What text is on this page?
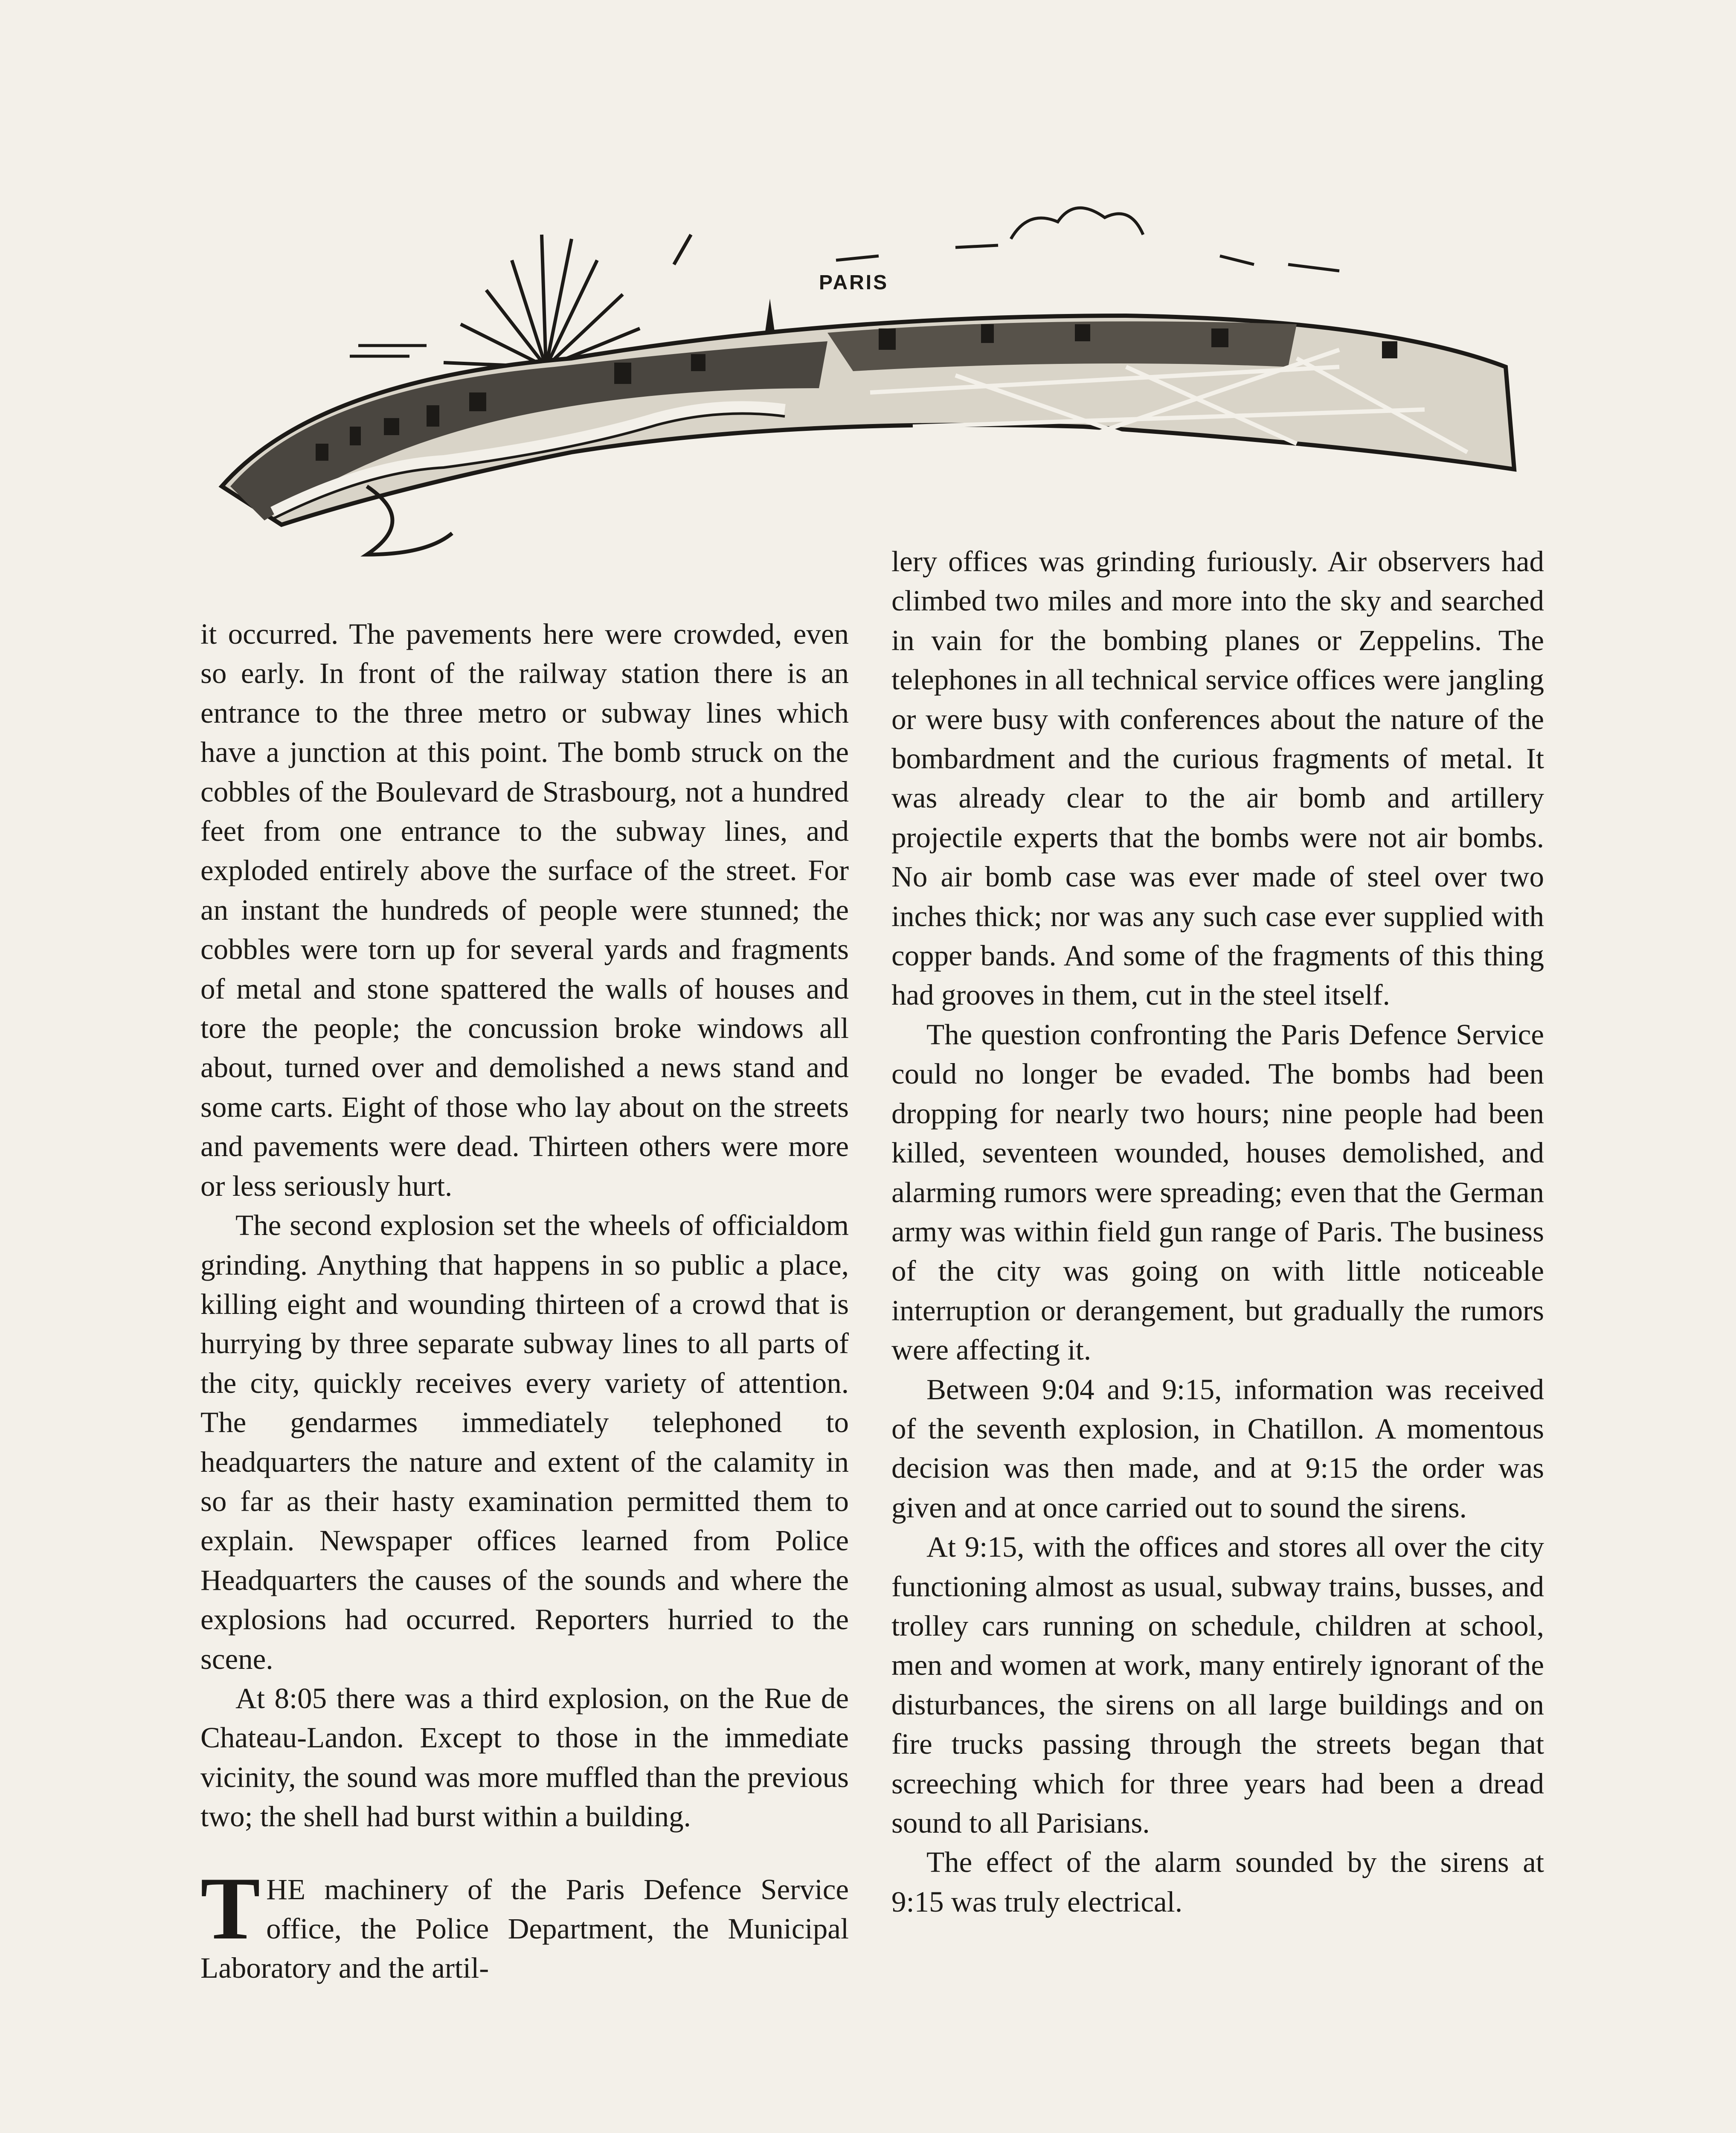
PARIS

it occurred. The pavements here were crowded, even so early. In front of the railway station there is an entrance to the three metro or subway lines which have a junction at this point. The bomb struck on the cobbles of the Boulevard de Strasbourg, not a hundred feet from one entrance to the subway lines, and exploded entirely above the surface of the street. For an instant the hundreds of people were stunned; the cobbles were torn up for several yards and fragments of metal and stone spattered the walls of houses and tore the people; the concussion broke windows all about, turned over and demolished a news stand and some carts. Eight of those who lay about on the streets and pavements were dead. Thirteen others were more or less seriously hurt.

The second explosion set the wheels of officialdom grinding. Anything that happens in so public a place, killing eight and wounding thirteen of a crowd that is hurrying by three separate subway lines to all parts of the city, quickly receives every variety of attention. The gendarmes immediately telephoned to headquarters the nature and extent of the calamity in so far as their hasty examination permitted them to explain. Newspaper offices learned from Police Headquarters the causes of the sounds and where the explosions had occurred. Reporters hurried to the scene.

At 8:05 there was a third explosion, on the Rue de Chateau-Landon. Except to those in the immediate vicinity, the sound was more muffled than the previous two; the shell had burst within a building.

THE machinery of the Paris Defence Service office, the Police Department, the Municipal Laboratory and the artil-

lery offices was grinding furiously. Air observers had climbed two miles and more into the sky and searched in vain for the bombing planes or Zeppelins. The telephones in all technical service offices were jangling or were busy with conferences about the nature of the bombardment and the curious fragments of metal. It was already clear to the air bomb and artillery projectile experts that the bombs were not air bombs. No air bomb case was ever made of steel over two inches thick; nor was any such case ever supplied with copper bands. And some of the fragments of this thing had grooves in them, cut in the steel itself.

The question confronting the Paris Defence Service could no longer be evaded. The bombs had been dropping for nearly two hours; nine people had been killed, seventeen wounded, houses demolished, and alarming rumors were spreading; even that the German army was within field gun range of Paris. The business of the city was going on with little noticeable interruption or derangement, but gradually the rumors were affecting it.

Between 9:04 and 9:15, information was received of the seventh explosion, in Chatillon. A momentous decision was then made, and at 9:15 the order was given and at once carried out to sound the sirens.

At 9:15, with the offices and stores all over the city functioning almost as usual, subway trains, busses, and trolley cars running on schedule, children at school, men and women at work, many entirely ignorant of the disturbances, the sirens on all large buildings and on fire trucks passing through the streets began that screeching which for three years had been a dread sound to all Parisians.

The effect of the alarm sounded by the sirens at 9:15 was truly electrical.
